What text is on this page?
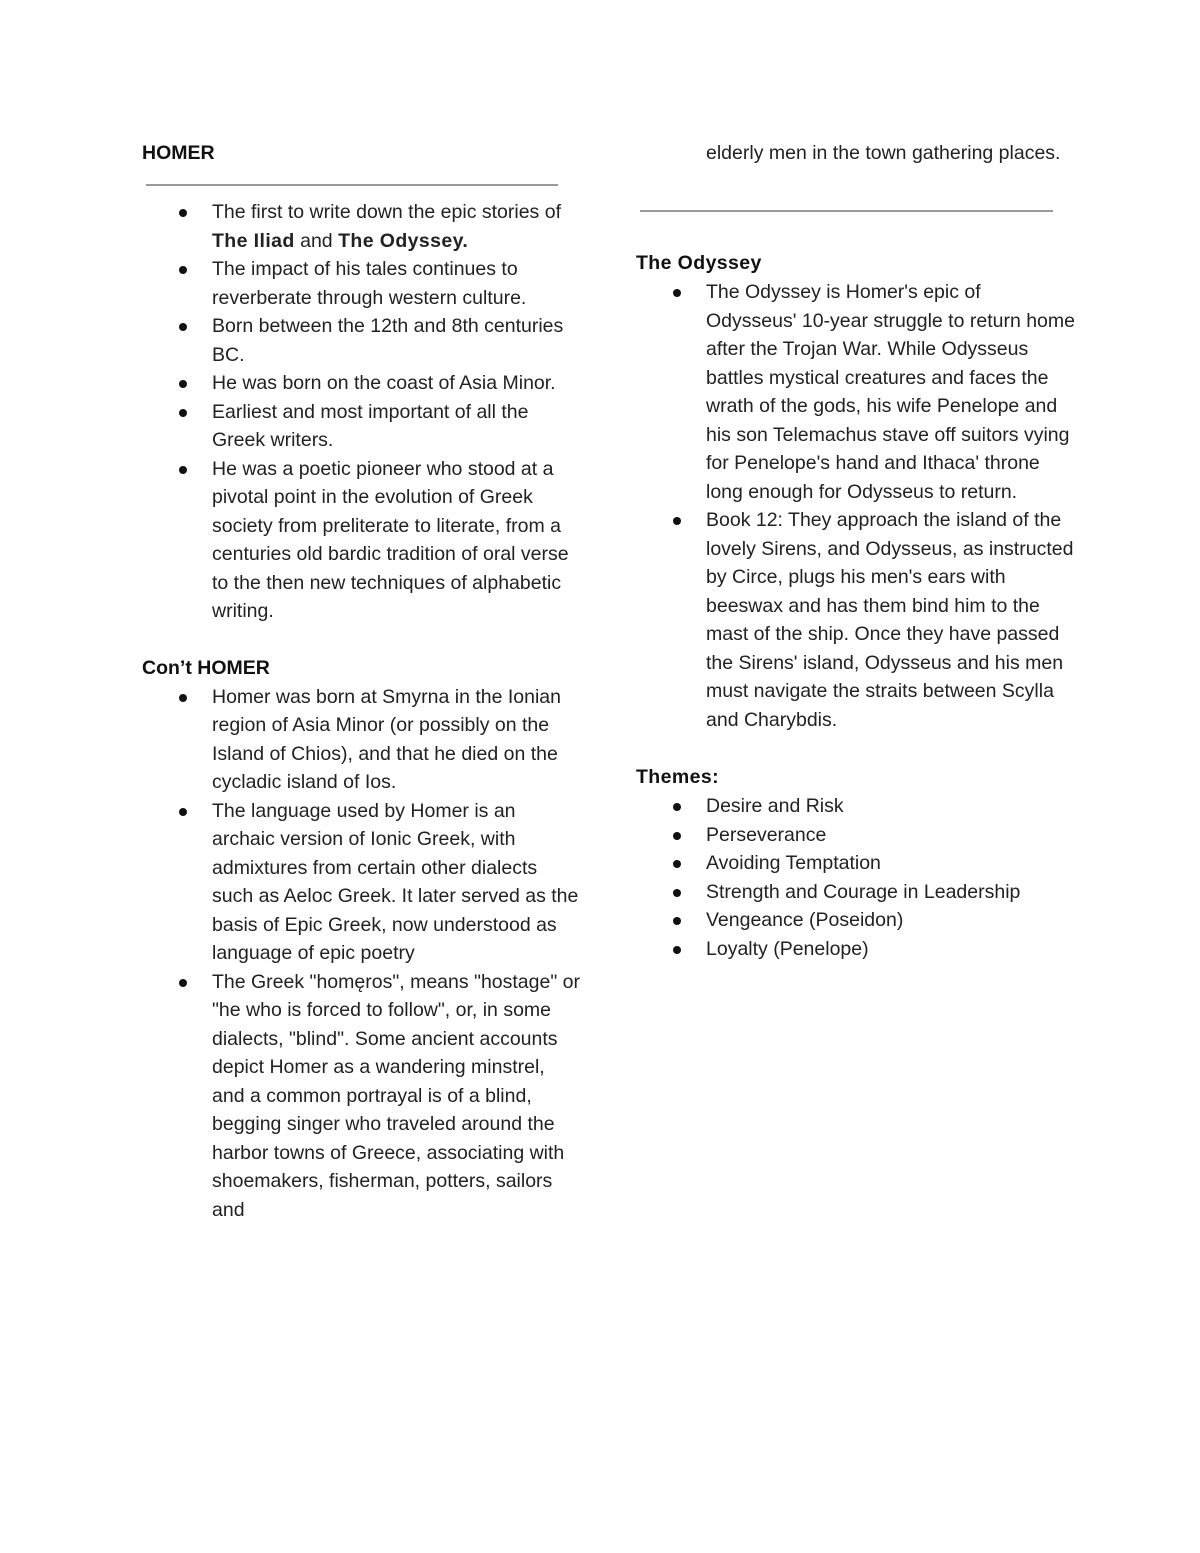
HOMER
The first to write down the epic stories of The Iliad and The Odyssey.
The impact of his tales continues to reverberate through western culture.
Born between the 12th and 8th centuries BC.
He was born on the coast of Asia Minor.
Earliest and most important of all the Greek writers.
He was a poetic pioneer who stood at a pivotal point in the evolution of Greek society from preliterate to literate, from a centuries old bardic tradition of oral verse to the then new techniques of alphabetic writing.
Con’t HOMER
Homer was born at Smyrna in the Ionian region of Asia Minor (or possibly on the Island of Chios), and that he died on the cycladic island of Ios.
The language used by Homer is an archaic version of Ionic Greek, with admixtures from certain other dialects such as Aeloc Greek. It later served as the basis of Epic Greek, now understood as language of epic poetry
The Greek "homęros", means "hostage" or "he who is forced to follow", or, in some dialects, "blind". Some ancient accounts depict Homer as a wandering minstrel, and a common portrayal is of a blind, begging singer who traveled around the harbor towns of Greece, associating with shoemakers, fisherman, potters, sailors and

elderly men in the town gathering places.

The Odyssey
The Odyssey is Homer's epic of Odysseus' 10-year struggle to return home after the Trojan War. While Odysseus battles mystical creatures and faces the wrath of the gods, his wife Penelope and his son Telemachus stave off suitors vying for Penelope's hand and Ithaca' throne long enough for Odysseus to return.
Book 12: They approach the island of the lovely Sirens, and Odysseus, as instructed by Circe, plugs his men's ears with beeswax and has them bind him to the mast of the ship. Once they have passed the Sirens' island, Odysseus and his men must navigate the straits between Scylla and Charybdis.
Themes:
Desire and Risk
Perseverance
Avoiding Temptation
Strength and Courage in Leadership
Vengeance (Poseidon)
Loyalty (Penelope)
